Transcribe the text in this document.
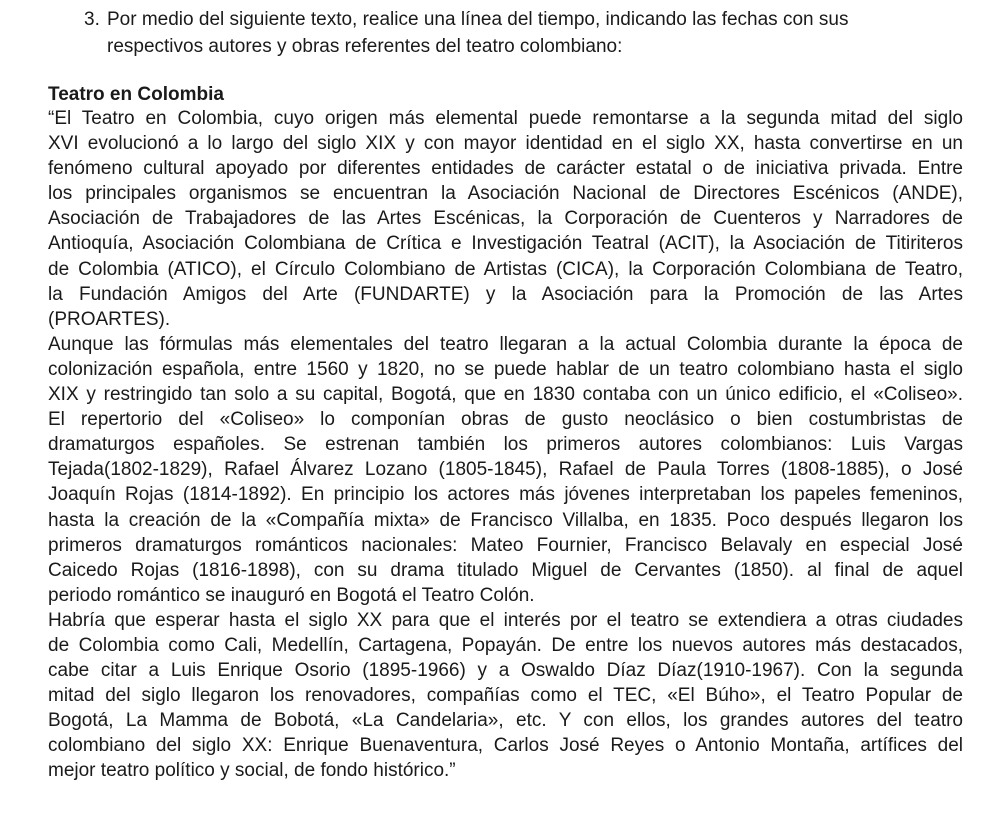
3. Por medio del siguiente texto, realice una línea del tiempo, indicando las fechas con sus
respectivos autores y obras referentes del teatro colombiano:
Teatro en Colombia
“El Teatro en Colombia, cuyo origen más elemental puede remontarse a la segunda mitad del siglo
XVI evolucionó a lo largo del siglo XIX y con mayor identidad en el siglo XX, hasta convertirse en un
fenómeno cultural apoyado por diferentes entidades de carácter estatal o de iniciativa privada. Entre
los principales organismos se encuentran la Asociación Nacional de Directores Escénicos (ANDE),
Asociación de Trabajadores de las Artes Escénicas, la Corporación de Cuenteros y Narradores de
Antioquía, Asociación Colombiana de Crítica e Investigación Teatral (ACIT), la Asociación de Titiriteros
de Colombia (ATICO), el Círculo Colombiano de Artistas (CICA), la Corporación Colombiana de Teatro,
la Fundación Amigos del Arte (FUNDARTE) y la Asociación para la Promoción de las Artes
(PROARTES).
Aunque las fórmulas más elementales del teatro llegaran a la actual Colombia durante la época de
colonización española, entre 1560 y 1820, no se puede hablar de un teatro colombiano hasta el siglo
XIX y restringido tan solo a su capital, Bogotá, que en 1830 contaba con un único edificio, el «Coliseo».
El repertorio del «Coliseo» lo componían obras de gusto neoclásico o bien costumbristas de
dramaturgos españoles. Se estrenan también los primeros autores colombianos: Luis Vargas
Tejada(1802-1829), Rafael Álvarez Lozano (1805-1845), Rafael de Paula Torres (1808-1885), o José
Joaquín Rojas (1814-1892). En principio los actores más jóvenes interpretaban los papeles femeninos,
hasta la creación de la «Compañía mixta» de Francisco Villalba, en 1835. Poco después llegaron los
primeros dramaturgos románticos nacionales: Mateo Fournier, Francisco Belavaly en especial José
Caicedo Rojas (1816-1898), con su drama titulado Miguel de Cervantes (1850). al final de aquel
periodo romántico se inauguró en Bogotá el Teatro Colón.
Habría que esperar hasta el siglo XX para que el interés por el teatro se extendiera a otras ciudades
de Colombia como Cali, Medellín, Cartagena, Popayán. De entre los nuevos autores más destacados,
cabe citar a Luis Enrique Osorio (1895-1966) y a Oswaldo Díaz Díaz(1910-1967). Con la segunda
mitad del siglo llegaron los renovadores, compañías como el TEC, «El Búho», el Teatro Popular de
Bogotá, La Mamma de Bobotá, «La Candelaria», etc. Y con ellos, los grandes autores del teatro
colombiano del siglo XX: Enrique Buenaventura, Carlos José Reyes o Antonio Montaña, artífices del
mejor teatro político y social, de fondo histórico.”
